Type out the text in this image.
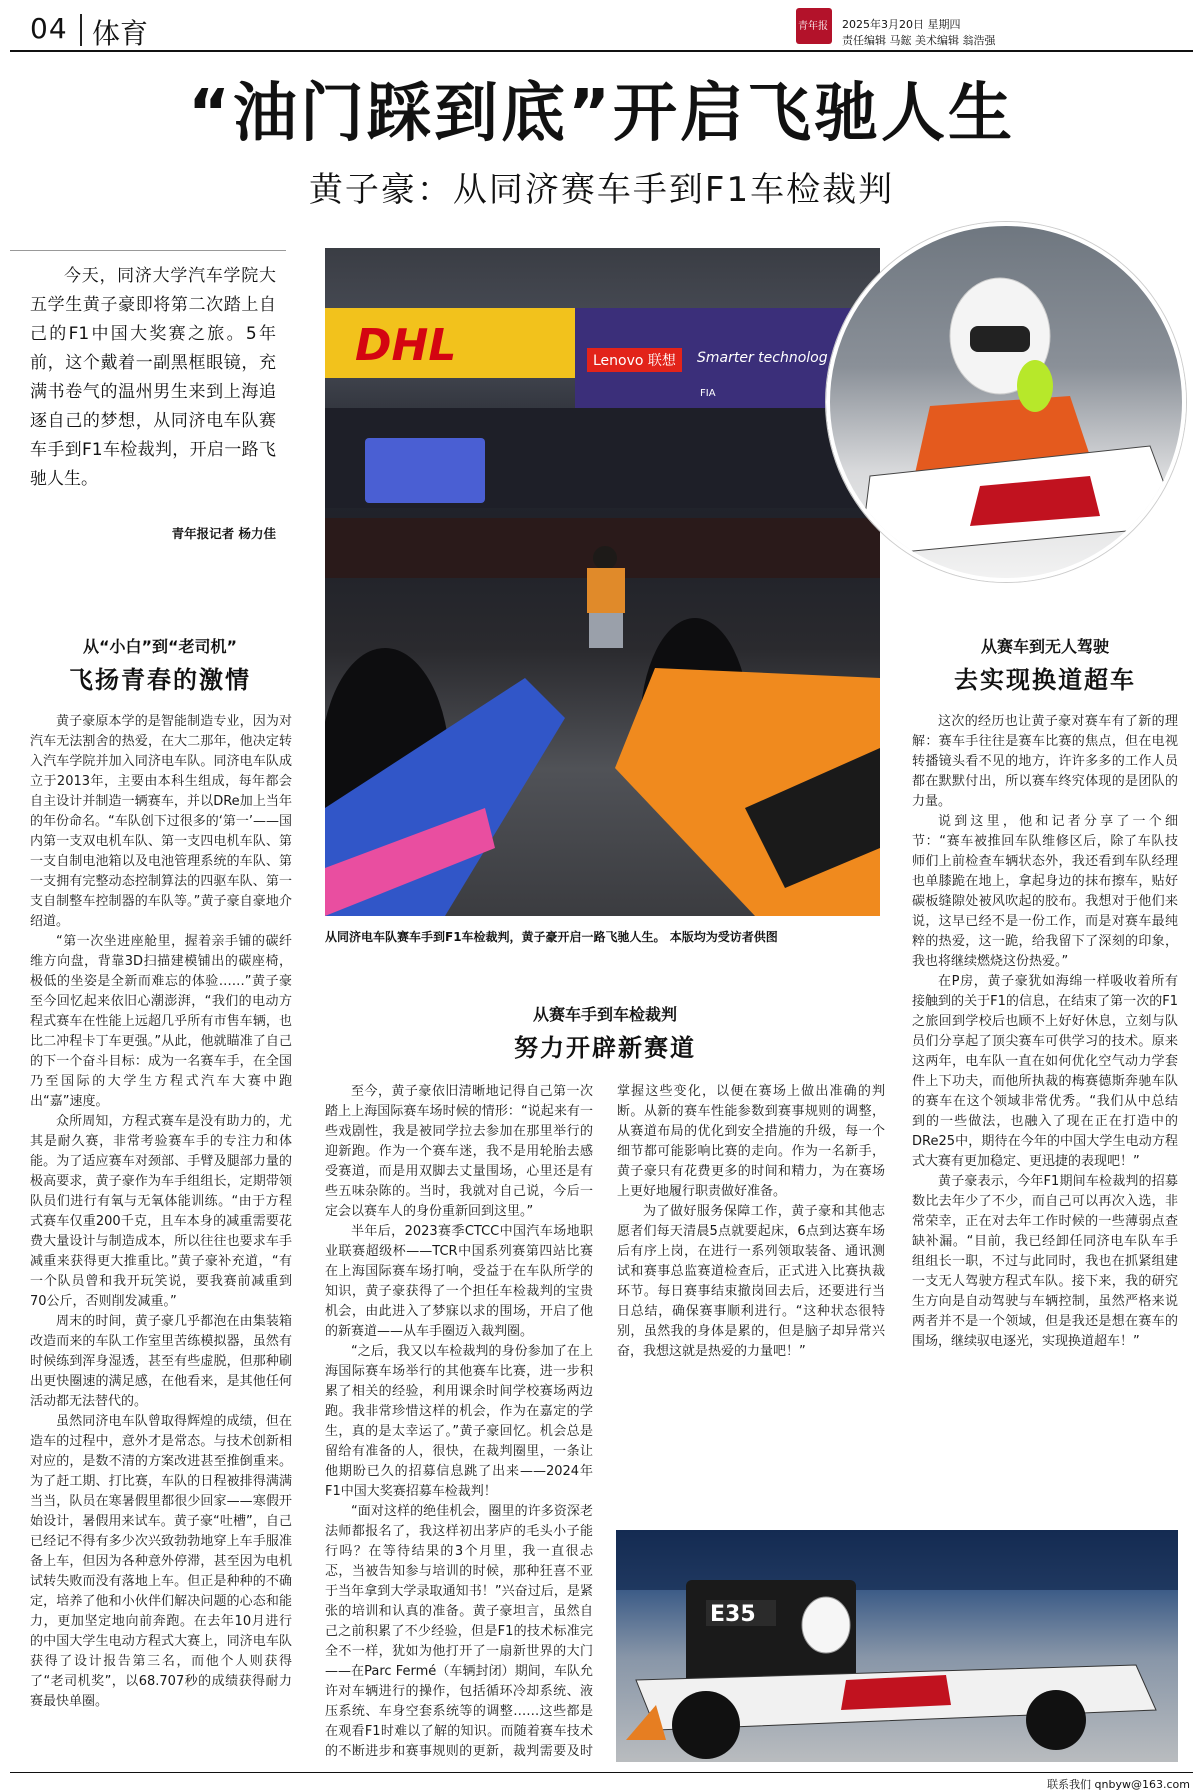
04 体育	青年报 2025年3月20日 星期四
责任编辑 马鋐 美术编辑 翁浩强
“油门踩到底”开启飞驰人生
黄子豪：从同济赛车手到F1车检裁判

今天，同济大学汽车学院大五学生黄子豪即将第二次踏上自己的F1中国大奖赛之旅。5年前，这个戴着一副黑框眼镜，充满书卷气的温州男生来到上海追逐自己的梦想，从同济电车队赛车手到F1车检裁判，开启一路飞驰人生。

青年报记者 杨力佳
DHL	Lenovo 联想	Smarter technolog
FIA
从同济电车队赛车手到F1车检裁判，黄子豪开启一路飞驰人生。 本版均为受访者供图
从“小白”到“老司机”
飞扬青春的激情

黄子豪原本学的是智能制造专业，因为对汽车无法割舍的热爱，在大二那年，他决定转入汽车学院并加入同济电车队。同济电车队成立于2013年，主要由本科生组成，每年都会自主设计并制造一辆赛车，并以DRe加上当年的年份命名。“车队创下过很多的‘第一’——国内第一支双电机车队、第一支四电机车队、第一支自制电池箱以及电池管理系统的车队、第一支拥有完整动态控制算法的四驱车队、第一支自制整车控制器的车队等。”黄子豪自豪地介绍道。

“第一次坐进座舱里，握着亲手铺的碳纤维方向盘，背靠3D扫描建模铺出的碳座椅，极低的坐姿是全新而难忘的体验……”黄子豪至今回忆起来依旧心潮澎湃，“我们的电动方程式赛车在性能上远超几乎所有市售车辆，也比二冲程卡丁车更强。”从此，他就瞄准了自己的下一个奋斗目标：成为一名赛车手，在全国乃至国际的大学生方程式汽车大赛中跑出“嘉”速度。

众所周知，方程式赛车是没有助力的，尤其是耐久赛，非常考验赛车手的专注力和体能。为了适应赛车对颈部、手臂及腿部力量的极高要求，黄子豪作为车手组组长，定期带领队员们进行有氧与无氧体能训练。“由于方程式赛车仅重200千克，且车本身的减重需要花费大量设计与制造成本，所以往往也要求车手减重来获得更大推重比。”黄子豪补充道，“有一个队员曾和我开玩笑说，要我赛前减重到70公斤，否则削发减重。”

周末的时间，黄子豪几乎都泡在由集装箱改造而来的车队工作室里苦练模拟器，虽然有时候练到浑身湿透，甚至有些虚脱，但那种刷出更快圈速的满足感，在他看来，是其他任何活动都无法替代的。

虽然同济电车队曾取得辉煌的成绩，但在造车的过程中，意外才是常态。与技术创新相对应的，是数不清的方案改进甚至推倒重来。为了赶工期、打比赛，车队的日程被排得满满当当，队员在寒暑假里都很少回家——寒假开始设计，暑假用来试车。黄子豪“吐槽”，自己已经记不得有多少次兴致勃勃地穿上车手服准备上车，但因为各种意外停滞，甚至因为电机试转失败而没有落地上车。但正是种种的不确定，培养了他和小伙伴们解决问题的心态和能力，更加坚定地向前奔跑。在去年10月进行的中国大学生电动方程式大赛上，同济电车队获得了设计报告第三名，而他个人则获得了“老司机奖”，以68.707秒的成绩获得耐力赛最快单圈。

从赛车手到车检裁判
努力开辟新赛道

至今，黄子豪依旧清晰地记得自己第一次踏上上海国际赛车场时候的情形：“说起来有一些戏剧性，我是被同学拉去参加在那里举行的迎新跑。作为一个赛车迷，我不是用轮胎去感受赛道，而是用双脚去丈量围场，心里还是有些五味杂陈的。当时，我就对自己说，今后一定会以赛车人的身份重新回到这里。”

半年后，2023赛季CTCC中国汽车场地职业联赛超级杯——TCR中国系列赛第四站比赛在上海国际赛车场打响，受益于在车队所学的知识，黄子豪获得了一个担任车检裁判的宝贵机会，由此进入了梦寐以求的围场，开启了他的新赛道——从车手圈迈入裁判圈。

“之后，我又以车检裁判的身份参加了在上海国际赛车场举行的其他赛车比赛，进一步积累了相关的经验，利用课余时间学校赛场两边跑。我非常珍惜这样的机会，作为在嘉定的学生，真的是太幸运了。”黄子豪回忆。机会总是留给有准备的人，很快，在裁判圈里，一条让他期盼已久的招募信息跳了出来——2024年F1中国大奖赛招募车检裁判！

“面对这样的绝佳机会，圈里的许多资深老法师都报名了，我这样初出茅庐的毛头小子能行吗？在等待结果的3个月里，我一直很忐忑，当被告知参与培训的时候，那种狂喜不亚于当年拿到大学录取通知书！”兴奋过后，是紧张的培训和认真的准备。黄子豪坦言，虽然自己之前积累了不少经验，但是F1的技术标准完全不一样，犹如为他打开了一扇新世界的大门——在Parc Fermé（车辆封闭）期间，车队允许对车辆进行的操作，包括循环冷却系统、液压系统、车身空套系统等的调整……这些都是在观看F1时难以了解的知识。而随着赛车技术的不断进步和赛事规则的更新，裁判需要及时掌握这些变化，以便在赛场上做出准确的判断。从新的赛车性能参数到赛事规则的调整，从赛道布局的优化到安全措施的升级，每一个细节都可能影响比赛的走向。作为一名新手，黄子豪只有花费更多的时间和精力，为在赛场上更好地履行职责做好准备。

为了做好服务保障工作，黄子豪和其他志愿者们每天清晨5点就要起床，6点到达赛车场后有序上岗，在进行一系列领取装备、通讯测试和赛事总监赛道检查后，正式进入比赛执裁环节。每日赛事结束撤岗回去后，还要进行当日总结，确保赛事顺利进行。“这种状态很特别，虽然我的身体是累的，但是脑子却异常兴奋，我想这就是热爱的力量吧！”

从赛车到无人驾驶
去实现换道超车

这次的经历也让黄子豪对赛车有了新的理解：赛车手往往是赛车比赛的焦点，但在电视转播镜头看不见的地方，许许多多的工作人员都在默默付出，所以赛车终究体现的是团队的力量。

说到这里，他和记者分享了一个细节：“赛车被推回车队维修区后，除了车队技师们上前检查车辆状态外，我还看到车队经理也单膝跪在地上，拿起身边的抹布擦车，贴好碳板缝隙处被风吹起的胶布。我想对于他们来说，这早已经不是一份工作，而是对赛车最纯粹的热爱，这一跪，给我留下了深刻的印象，我也将继续燃烧这份热爱。”

在P房，黄子豪犹如海绵一样吸收着所有接触到的关于F1的信息，在结束了第一次的F1之旅回到学校后也顾不上好好休息，立刻与队员们分享起了顶尖赛车可供学习的技术。原来这两年，电车队一直在如何优化空气动力学套件上下功夫，而他所执裁的梅赛德斯奔驰车队的赛车在这个领域非常优秀。“我们从中总结到的一些做法，也融入了现在正在打造中的DRe25中，期待在今年的中国大学生电动方程式大赛有更加稳定、更迅捷的表现吧！”

黄子豪表示，今年F1期间车检裁判的招募数比去年少了不少，而自己可以再次入选，非常荣幸，正在对去年工作时候的一些薄弱点查缺补漏。“目前，我已经卸任同济电车队车手组组长一职，不过与此同时，我也在抓紧组建一支无人驾驶方程式车队。接下来，我的研究生方向是自动驾驶与车辆控制，虽然严格来说两者并不是一个领域，但是我还是想在赛车的围场，继续驭电逐光，实现换道超车！”

E35
联系我们 qnbyw@163.com
